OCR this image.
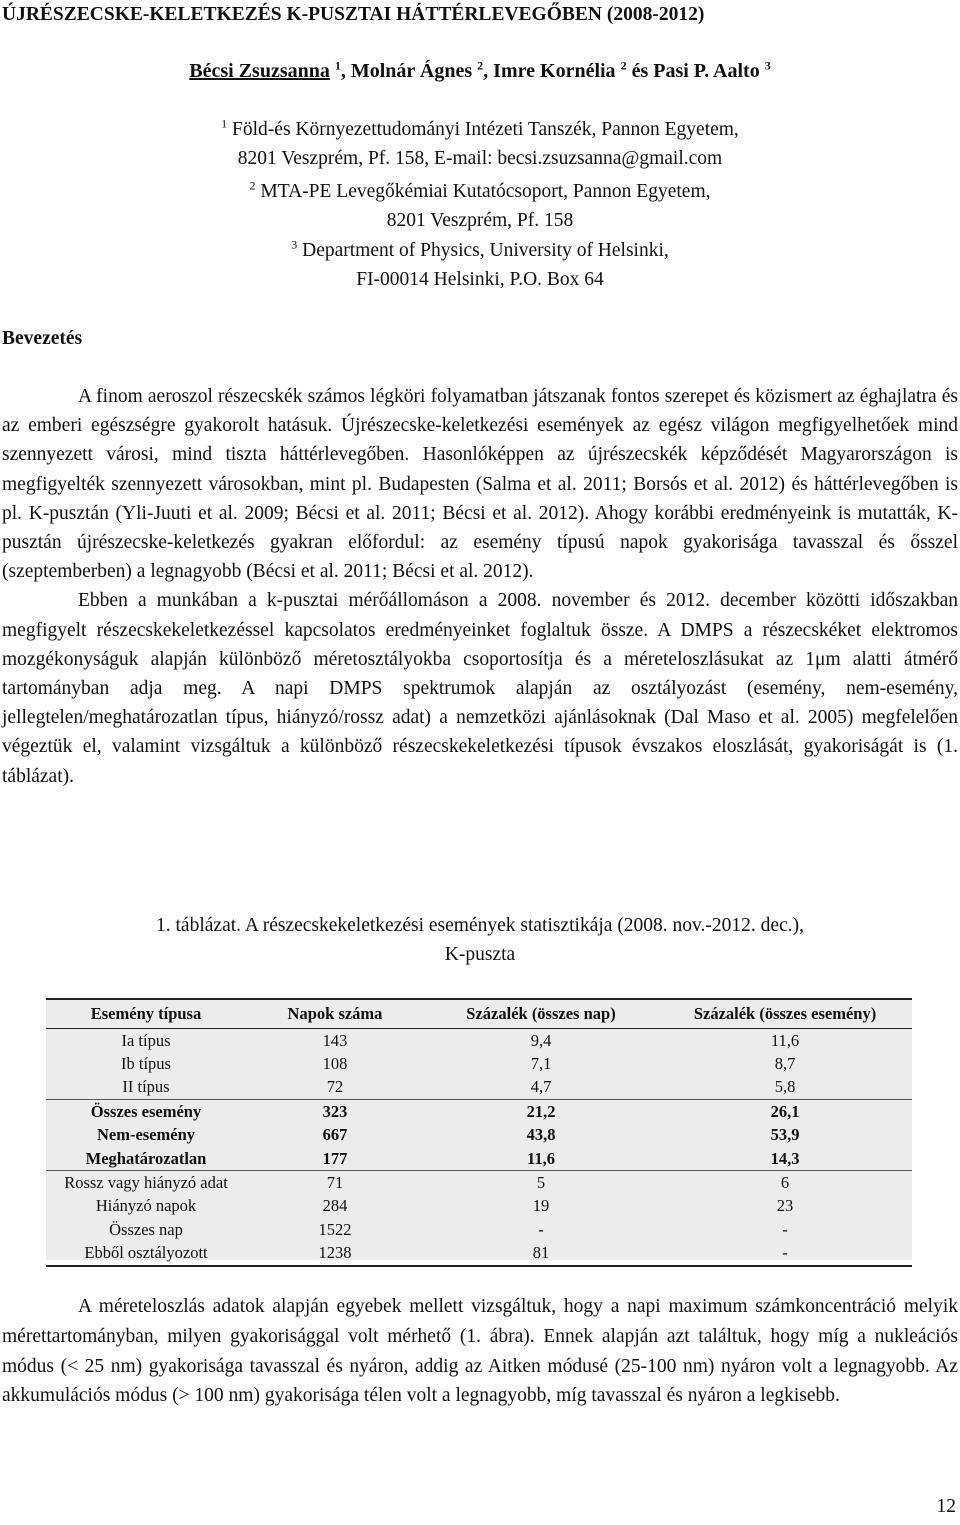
ÚJRÉSZECSKE-KELETKEZÉS K-PUSZTAI HÁTTÉRLEVEGŐBEN (2008-2012)
Bécsi Zsuzsanna $^1$, Molnár Ágnes $^2$, Imre Kornélia $^2$ és Pasi P. Aalto $^3$
$^1$ Föld-és Környezettudományi Intézeti Tanszék, Pannon Egyetem,
8201 Veszprém, Pf. 158, E-mail: becsi.zsuzsanna@gmail.com
$^2$ MTA-PE Levegőkémiai Kutatócsoport, Pannon Egyetem,
8201 Veszprém, Pf. 158
$^3$ Department of Physics, University of Helsinki,
FI-00014 Helsinki, P.O. Box 64
Bevezetés

A finom aeroszol részecskék számos légköri folyamatban játszanak fontos szerepet és közismert az éghajlatra és az emberi egészségre gyakorolt hatásuk. Újrészecske-keletkezési események az egész világon megfigyelhetőek mind szennyezett városi, mind tiszta háttérlevegőben. Hasonlóképpen az újrészecskék képződését Magyarországon is megfigyelték szennyezett városokban, mint pl. Budapesten (Salma et al. 2011; Borsós et al. 2012) és háttérlevegőben is pl. K-pusztán (Yli-Juuti et al. 2009; Bécsi et al. 2011; Bécsi et al. 2012). Ahogy korábbi eredményeink is mutatták, K-pusztán újrészecske-keletkezés gyakran előfordul: az esemény típusú napok gyakorisága tavasszal és ősszel (szeptemberben) a legnagyobb (Bécsi et al. 2011; Bécsi et al. 2012).

Ebben a munkában a k-pusztai mérőállomáson a 2008. november és 2012. december közötti időszakban megfigyelt részecskekeletkezéssel kapcsolatos eredményeinket foglaltuk össze. A DMPS a részecskéket elektromos mozgékonyságuk alapján különböző méretosztályokba csoportosítja és a méreteloszlásukat az 1μm alatti átmérő tartományban adja meg. A napi DMPS spektrumok alapján az osztályozást (esemény, nem-esemény, jellegtelen/meghatározatlan típus, hiányzó/rossz adat) a nemzetközi ajánlásoknak (Dal Maso et al. 2005) megfelelően végeztük el, valamint vizsgáltuk a különböző részecskekeletkezési típusok évszakos eloszlását, gyakoriságát is (1. táblázat).

1. táblázat. A részecskekeletkezési események statisztikája (2008. nov.-2012. dec.),
K-puszta
Esemény típusa	Napok száma	Százalék (összes nap)	Százalék (összes esemény)
Ia típus	143	9,4	11,6
Ib típus	108	7,1	8,7
II típus	72	4,7	5,8
Összes esemény	323	21,2	26,1
Nem-esemény	667	43,8	53,9
Meghatározatlan	177	11,6	14,3
Rossz vagy hiányzó adat	71	5	6
Hiányzó napok	284	19	23
Összes nap	1522	-	-
Ebből osztályozott	1238	81	-

A méreteloszlás adatok alapján egyebek mellett vizsgáltuk, hogy a napi maximum számkoncentráció melyik mérettartományban, milyen gyakorisággal volt mérhető (1. ábra). Ennek alapján azt találtuk, hogy míg a nukleációs módus (< 25 nm) gyakorisága tavasszal és nyáron, addig az Aitken módusé (25-100 nm) nyáron volt a legnagyobb. Az akkumulációs módus (> 100 nm) gyakorisága télen volt a legnagyobb, míg tavasszal és nyáron a legkisebb.

12
